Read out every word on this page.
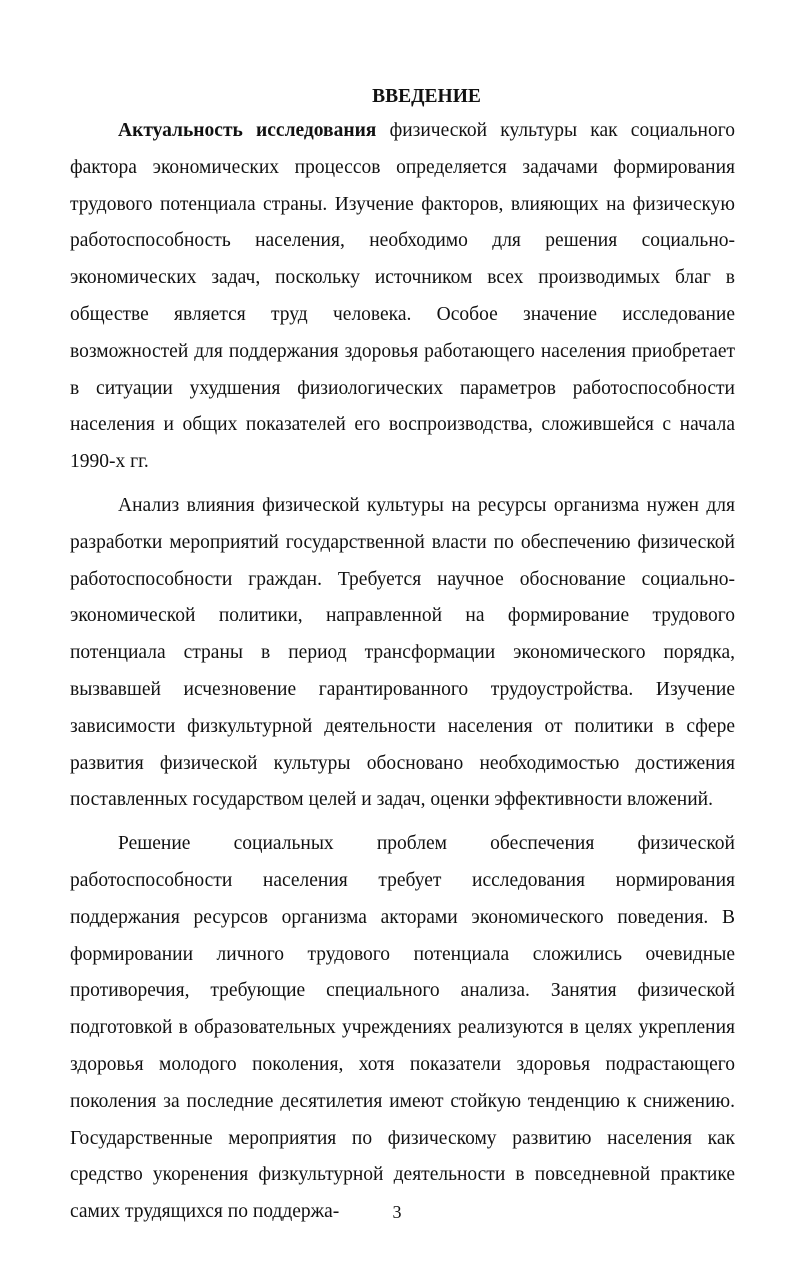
ВВЕДЕНИЕ

Актуальность исследования физической культуры как социального фактора экономических процессов определяется задачами формирования трудового потенциала страны. Изучение факторов, влияющих на физическую работоспособность населения, необходимо для решения социально-экономических задач, поскольку источником всех производимых благ в обществе является труд человека. Особое значение исследование возможностей для поддержания здоровья работающего населения приобретает в ситуации ухудшения физиологических параметров работоспособности населения и общих показателей его воспроизводства, сложившейся с начала 1990-х гг.

Анализ влияния физической культуры на ресурсы организма нужен для разработки мероприятий государственной власти по обеспечению физической работоспособности граждан. Требуется научное обоснование социально-экономической политики, направленной на формирование трудового потенциала страны в период трансформации экономического порядка, вызвавшей исчезновение гарантированного трудоустройства. Изучение зависимости физкультурной деятельности населения от политики в сфере развития физической культуры обосновано необходимостью достижения поставленных государством целей и задач, оценки эффективности вложений.

Решение социальных проблем обеспечения физической работоспособности населения требует исследования нормирования поддержания ресурсов организма акторами экономического поведения. В формировании личного трудового потенциала сложились очевидные противоречия, требующие специального анализа. Занятия физической подготовкой в образовательных учреждениях реализуются в целях укрепления здоровья молодого поколения, хотя показатели здоровья подрастающего поколения за последние десятилетия имеют стойкую тенденцию к снижению. Государственные мероприятия по физическому развитию населения как средство укоренения физкультурной деятельности в повседневной практике самих трудящихся по поддержа-	3
